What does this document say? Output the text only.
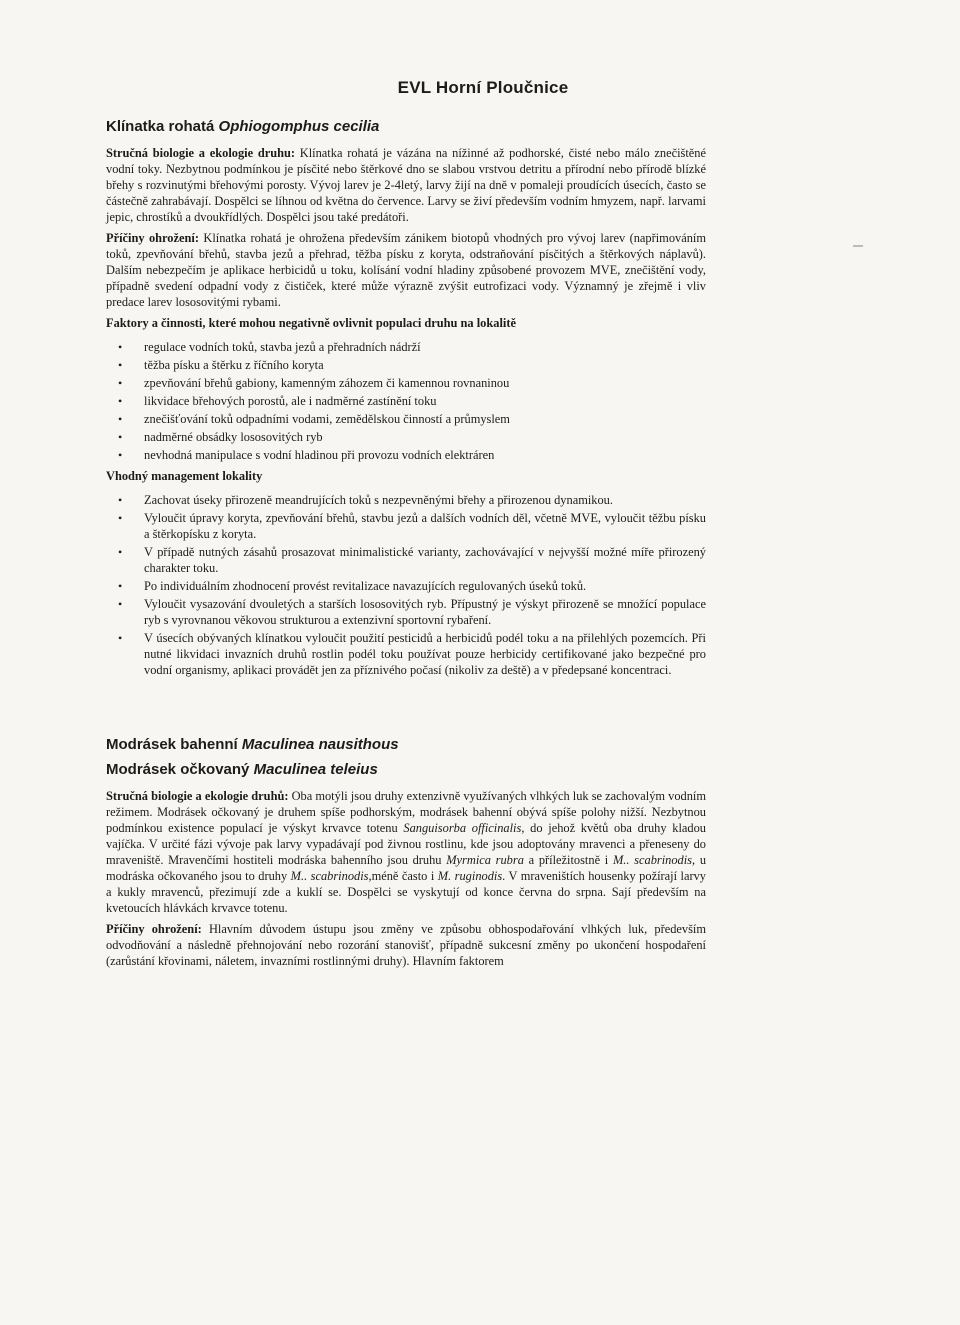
EVL Horní Ploučnice
Klínatka rohatá Ophiogomphus cecilia

Stručná biologie a ekologie druhu: Klínatka rohatá je vázána na nížinné až podhorské, čisté nebo málo znečištěné vodní toky. Nezbytnou podmínkou je písčité nebo štěrkové dno se slabou vrstvou detritu a přírodní nebo přírodě blízké břehy s rozvinutými břehovými porosty. Vývoj larev je 2-4letý, larvy žijí na dně v pomaleji proudících úsecích, často se částečně zahrabávají. Dospělci se líhnou od května do července. Larvy se živí především vodním hmyzem, např. larvami jepic, chrostíků a dvoukřídlých. Dospělci jsou také predátoři.

Příčiny ohrožení: Klínatka rohatá je ohrožena především zánikem biotopů vhodných pro vývoj larev (napřimováním toků, zpevňování břehů, stavba jezů a přehrad, těžba písku z koryta, odstraňování písčitých a štěrkových náplavů). Dalším nebezpečím je aplikace herbicidů u toku, kolísání vodní hladiny způsobené provozem MVE, znečištění vody, případně svedení odpadní vody z čističek, které může výrazně zvýšit eutrofizaci vody. Významný je zřejmě i vliv predace larev lososovitými rybami.

Faktory a činnosti, které mohou negativně ovlivnit populaci druhu na lokalitě
• regulace vodních toků, stavba jezů a přehradních nádrží
• těžba písku a štěrku z říčního koryta
• zpevňování břehů gabiony, kamenným záhozem či kamennou rovnaninou
• likvidace břehových porostů, ale i nadměrné zastínění toku
• znečišťování toků odpadními vodami, zemědělskou činností a průmyslem
• nadměrné obsádky lososovitých ryb
• nevhodná manipulace s vodní hladinou při provozu vodních elektráren
Vhodný management lokality
• Zachovat úseky přirozeně meandrujících toků s nezpevněnými břehy a přirozenou dynamikou.
• Vyloučit úpravy koryta, zpevňování břehů, stavbu jezů a dalších vodních děl, včetně MVE, vyloučit těžbu písku a štěrkopísku z koryta.
• V případě nutných zásahů prosazovat minimalistické varianty, zachovávající v nejvyšší možné míře přirozený charakter toku.
• Po individuálním zhodnocení provést revitalizace navazujících regulovaných úseků toků.
• Vyloučit vysazování dvouletých a starších lososovitých ryb. Přípustný je výskyt přirozeně se množící populace ryb s vyrovnanou věkovou strukturou a extenzivní sportovní rybaření.
• V úsecích obývaných klínatkou vyloučit použití pesticidů a herbicidů podél toku a na přilehlých pozemcích. Při nutné likvidaci invazních druhů rostlin podél toku používat pouze herbicidy certifikované jako bezpečné pro vodní organismy, aplikaci provádět jen za příznivého počasí (nikoliv za deště) a v předepsané koncentraci.
Modrásek bahenní Maculinea nausithous
Modrásek očkovaný Maculinea teleius

Stručná biologie a ekologie druhů: Oba motýli jsou druhy extenzivně využívaných vlhkých luk se zachovalým vodním režimem. Modrásek očkovaný je druhem spíše podhorským, modrásek bahenní obývá spíše polohy nižší. Nezbytnou podmínkou existence populací je výskyt krvavce totenu Sanguisorba officinalis, do jehož květů oba druhy kladou vajíčka. V určité fázi vývoje pak larvy vypadávají pod živnou rostlinu, kde jsou adoptovány mravenci a přeneseny do mraveniště. Mravenčími hostiteli modráska bahenního jsou druhu Myrmica rubra a příležitostně i M.. scabrinodis, u modráska očkovaného jsou to druhy M.. scabrinodis,méně často i M. ruginodis. V mraveništích housenky požírají larvy a kukly mravenců, přezimují zde a kuklí se. Dospělci se vyskytují od konce června do srpna. Sají především na kvetoucích hlávkách krvavce totenu.

Příčiny ohrožení: Hlavním důvodem ústupu jsou změny ve způsobu obhospodařování vlhkých luk, především odvodňování a následně přehnojování nebo rozorání stanovišť, případně sukcesní změny po ukončení hospodaření (zarůstání křovinami, náletem, invazními rostlinnými druhy). Hlavním faktorem
